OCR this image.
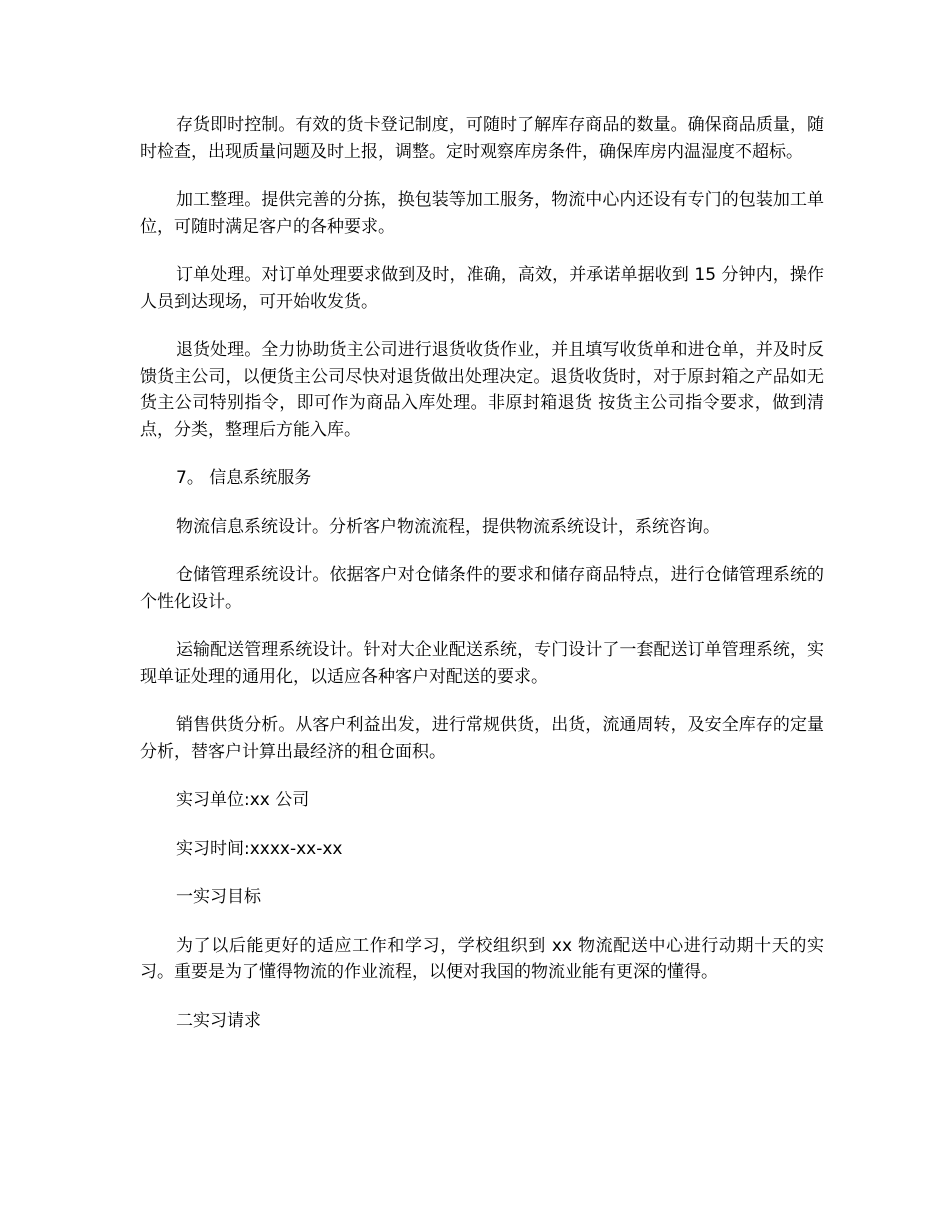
存货即时控制。有效的货卡登记制度，可随时了解库存商品的数量。确保商品质量，随时检查，出现质量问题及时上报，调整。定时观察库房条件，确保库房内温湿度不超标。

加工整理。提供完善的分拣，换包装等加工服务，物流中心内还设有专门的包装加工单位，可随时满足客户的各种要求。

订单处理。对订单处理要求做到及时，准确，高效，并承诺单据收到 15 分钟内，操作人员到达现场，可开始收发货。

退货处理。全力协助货主公司进行退货收货作业，并且填写收货单和进仓单，并及时反馈货主公司，以便货主公司尽快对退货做出处理决定。退货收货时，对于原封箱之产品如无货主公司特别指令，即可作为商品入库处理。非原封箱退货 按货主公司指令要求，做到清点，分类，整理后方能入库。

7。 信息系统服务

物流信息系统设计。分析客户物流流程，提供物流系统设计，系统咨询。

仓储管理系统设计。依据客户对仓储条件的要求和储存商品特点，进行仓储管理系统的个性化设计。

运输配送管理系统设计。针对大企业配送系统，专门设计了一套配送订单管理系统，实现单证处理的通用化，以适应各种客户对配送的要求。

销售供货分析。从客户利益出发，进行常规供货，出货，流通周转，及安全库存的定量分析，替客户计算出最经济的租仓面积。

实习单位:xx 公司

实习时间:xxxx-xx-xx

一实习目标

为了以后能更好的适应工作和学习，学校组织到 xx 物流配送中心进行动期十天的实习。重要是为了懂得物流的作业流程，以便对我国的物流业能有更深的懂得。

二实习请求
